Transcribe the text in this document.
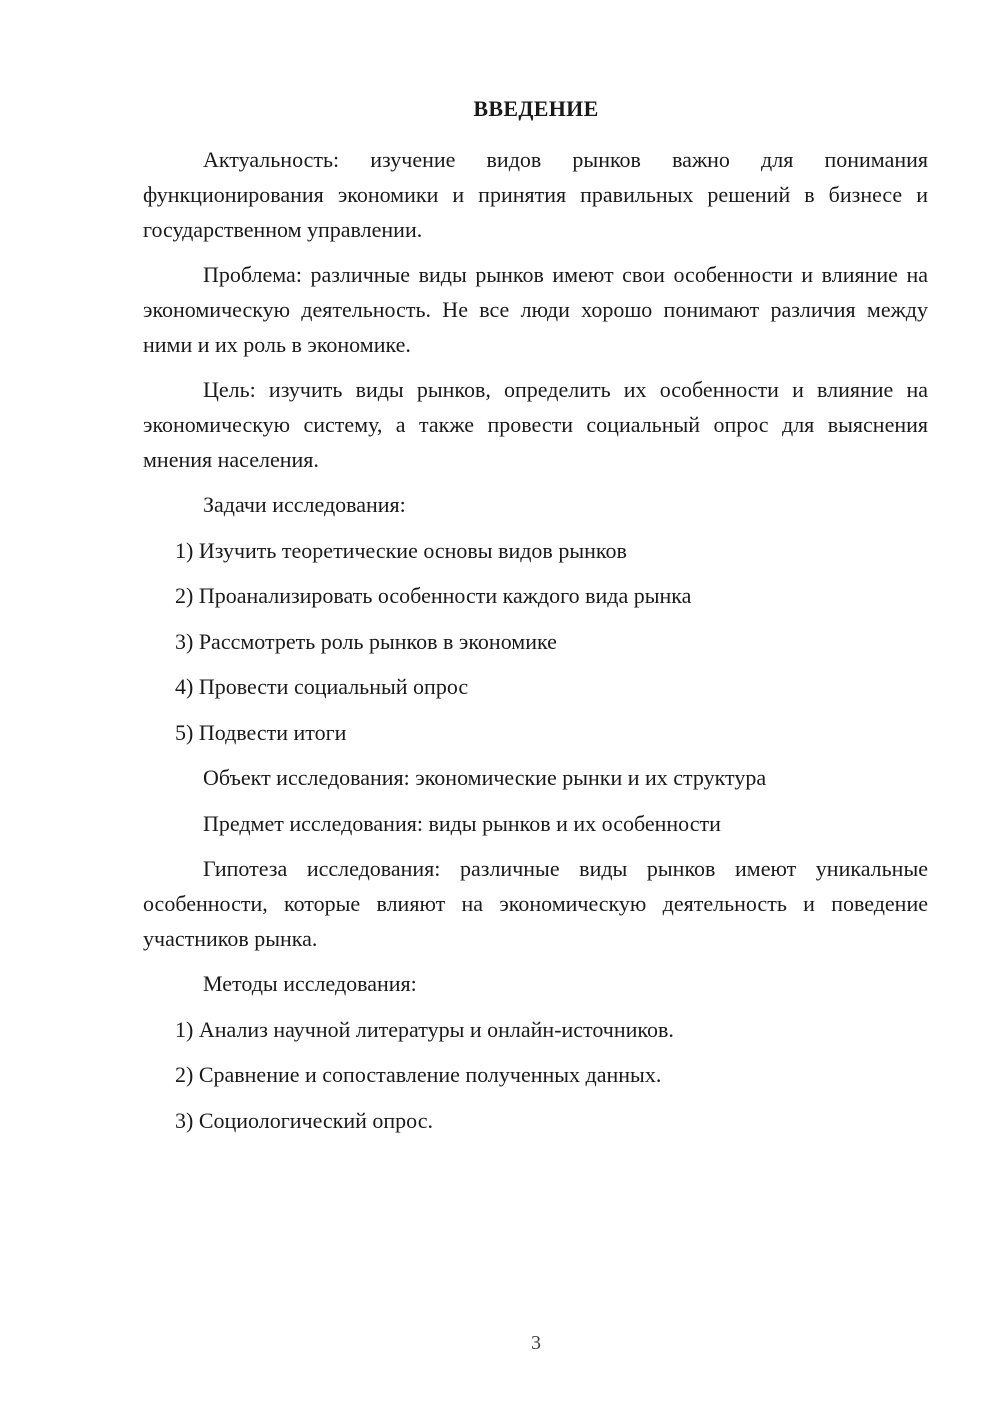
ВВЕДЕНИЕ

Актуальность: изучение видов рынков важно для понимания функционирования экономики и принятия правильных решений в бизнесе и государственном управлении.

Проблема: различные виды рынков имеют свои особенности и влияние на экономическую деятельность. Не все люди хорошо понимают различия между ними и их роль в экономике.

Цель: изучить виды рынков, определить их особенности и влияние на экономическую систему, а также провести социальный опрос для выяснения мнения населения.

Задачи исследования:

1) Изучить теоретические основы видов рынков

2) Проанализировать особенности каждого вида рынка

3) Рассмотреть роль рынков в экономике

4) Провести социальный опрос

5) Подвести итоги

Объект исследования: экономические рынки и их структура

Предмет исследования: виды рынков и их особенности

Гипотеза исследования: различные виды рынков имеют уникальные особенности, которые влияют на экономическую деятельность и поведение участников рынка.

Методы исследования:

1) Анализ научной литературы и онлайн-источников.

2) Сравнение и сопоставление полученных данных.

3) Социологический опрос.

3
